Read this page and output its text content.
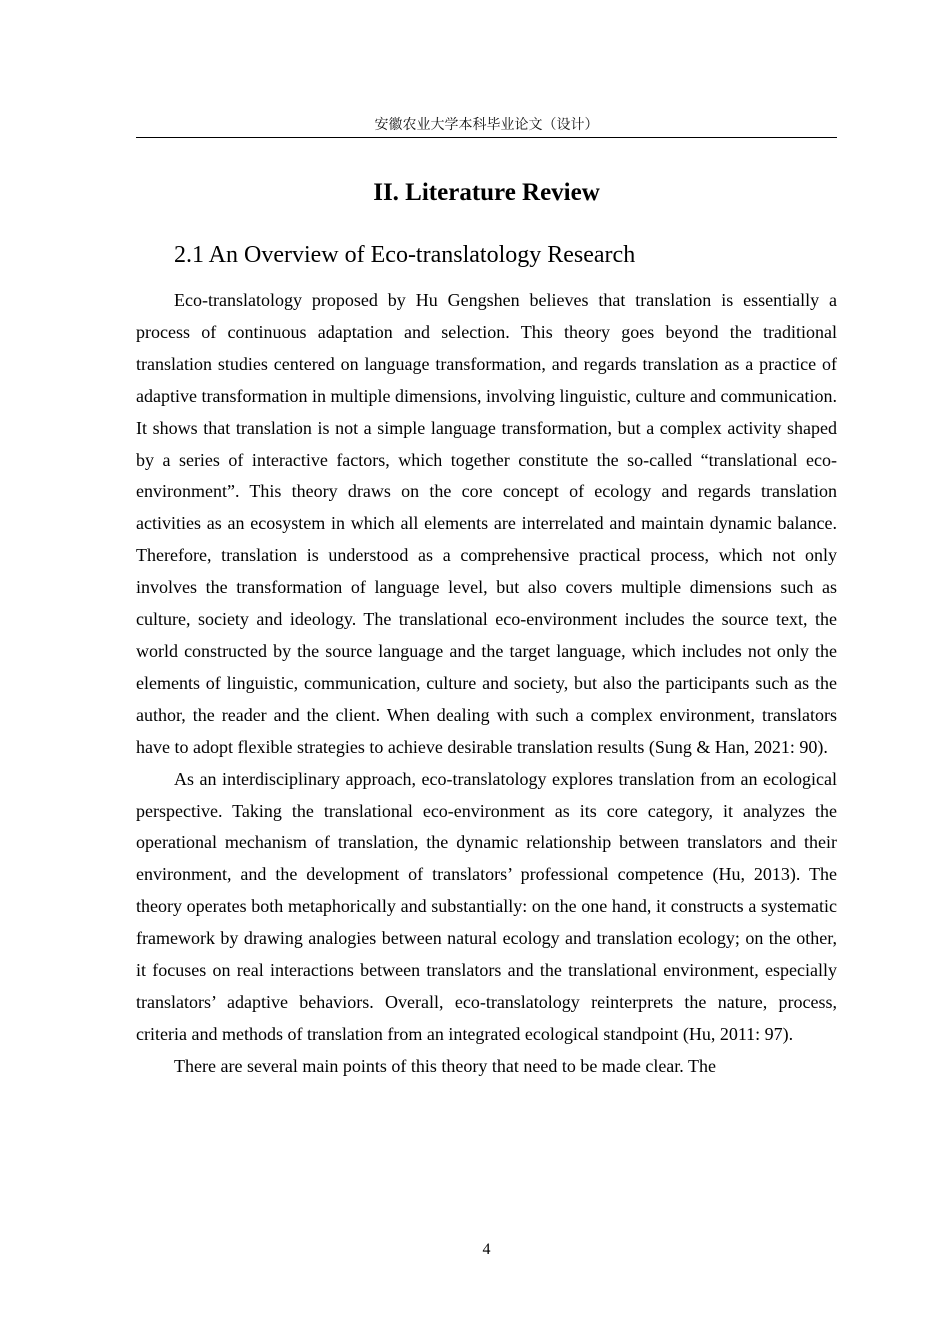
安徽农业大学本科毕业论文（设计）
II. Literature Review
2.1 An Overview of Eco-translatology Research

Eco-translatology proposed by Hu Gengshen believes that translation is essentially a process of continuous adaptation and selection. This theory goes beyond the traditional translation studies centered on language transformation, and regards translation as a practice of adaptive transformation in multiple dimensions, involving linguistic, culture and communication. It shows that translation is not a simple language transformation, but a complex activity shaped by a series of interactive factors, which together constitute the so-called “translational eco-environment”. This theory draws on the core concept of ecology and regards translation activities as an ecosystem in which all elements are interrelated and maintain dynamic balance. Therefore, translation is understood as a comprehensive practical process, which not only involves the transformation of language level, but also covers multiple dimensions such as culture, society and ideology. The translational eco-environment includes the source text, the world constructed by the source language and the target language, which includes not only the elements of linguistic, communication, culture and society, but also the participants such as the author, the reader and the client. When dealing with such a complex environment, translators have to adopt flexible strategies to achieve desirable translation results (Sung & Han, 2021: 90).

As an interdisciplinary approach, eco-translatology explores translation from an ecological perspective. Taking the translational eco-environment as its core category, it analyzes the operational mechanism of translation, the dynamic relationship between translators and their environment, and the development of translators’ professional competence (Hu, 2013). The theory operates both metaphorically and substantially: on the one hand, it constructs a systematic framework by drawing analogies between natural ecology and translation ecology; on the other, it focuses on real interactions between translators and the translational environment, especially translators’ adaptive behaviors. Overall, eco-translatology reinterprets the nature, process, criteria and methods of translation from an integrated ecological standpoint (Hu, 2011: 97).

There are several main points of this theory that need to be made clear. The

4
